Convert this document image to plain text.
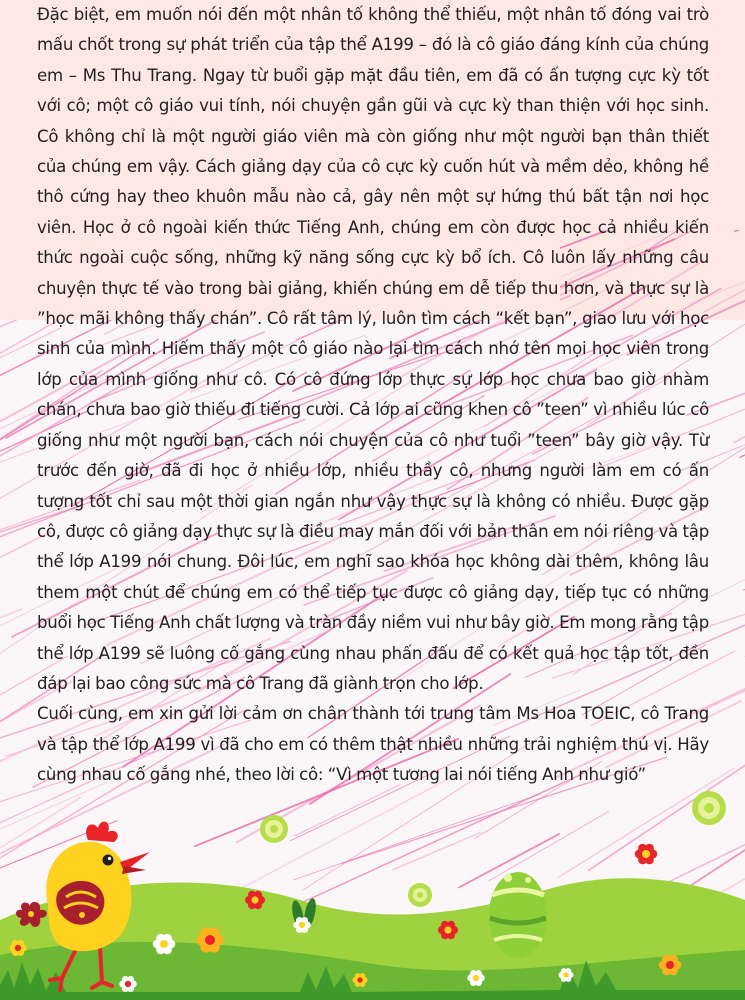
Đặc biệt, em muốn nói đến một nhân tố không thể thiếu, một nhân tố đóng vai trò mấu chốt trong sự phát triển của tập thể A199 – đó là cô giáo đáng kính của chúng em – Ms Thu Trang. Ngay từ buổi gặp mặt đầu tiên, em đã có ấn tượng cực kỳ tốt với cô; một cô giáo vui tính, nói chuyện gần gũi và cực kỳ than thiện với học sinh. Cô không chỉ là một người giáo viên mà còn giống như một người bạn thân thiết của chúng em vậy. Cách giảng dạy của cô cực kỳ cuốn hút và mềm dẻo, không hề thô cứng hay theo khuôn mẫu nào cả, gây nên một sự hứng thú bất tận nơi học viên. Học ở cô ngoài kiến thức Tiếng Anh, chúng em còn được học cả nhiều kiến thức ngoài cuộc sống, những kỹ năng sống cực kỳ bổ ích. Cô luôn lấy những câu chuyện thực tế vào trong bài giảng, khiến chúng em dễ tiếp thu hơn, và thực sự là ”học mãi không thấy chán”. Cô rất tâm lý, luôn tìm cách “kết bạn”, giao lưu với học sinh của mình. Hiếm thấy một cô giáo nào lại tìm cách nhớ tên mọi học viên trong lớp của mình giống như cô. Có cô đứng lớp thực sự lớp học chưa bao giờ nhàm chán, chưa bao giờ thiếu đi tiếng cười. Cả lớp ai cũng khen cô ”teen” vì nhiều lúc cô giống như một người bạn, cách nói chuyện của cô như tuổi ”teen” bây giờ vậy. Từ trước đến giờ, đã đi học ở nhiều lớp, nhiều thầy cô, nhưng người làm em có ấn tượng tốt chỉ sau một thời gian ngắn như vậy thực sự là không có nhiều. Được gặp cô, được cô giảng dạy thực sự là điều may mắn đối với bản thân em nói riêng và tập thể lớp A199 nói chung. Đôi lúc, em nghĩ sao khóa học không dài thêm, không lâu them một chút để chúng em có thể tiếp tục được cô giảng dạy, tiếp tục có những buổi học Tiếng Anh chất lượng và tràn đầy niềm vui như bây giờ. Em mong rằng tập thể lớp A199 sẽ luông cố gắng cùng nhau phấn đấu để có kết quả học tập tốt, đền đáp lại bao công sức mà cô Trang đã giành trọn cho lớp.

Cuối cùng, em xin gửi lời cảm ơn chân thành tới trung tâm Ms Hoa TOEIC, cô Trang và tập thể lớp A199 vì đã cho em có thêm thật nhiều những trải nghiệm thú vị. Hãy cùng nhau cố gắng nhé, theo lời cô: “Vì một tương lai nói tiếng Anh như gió”
